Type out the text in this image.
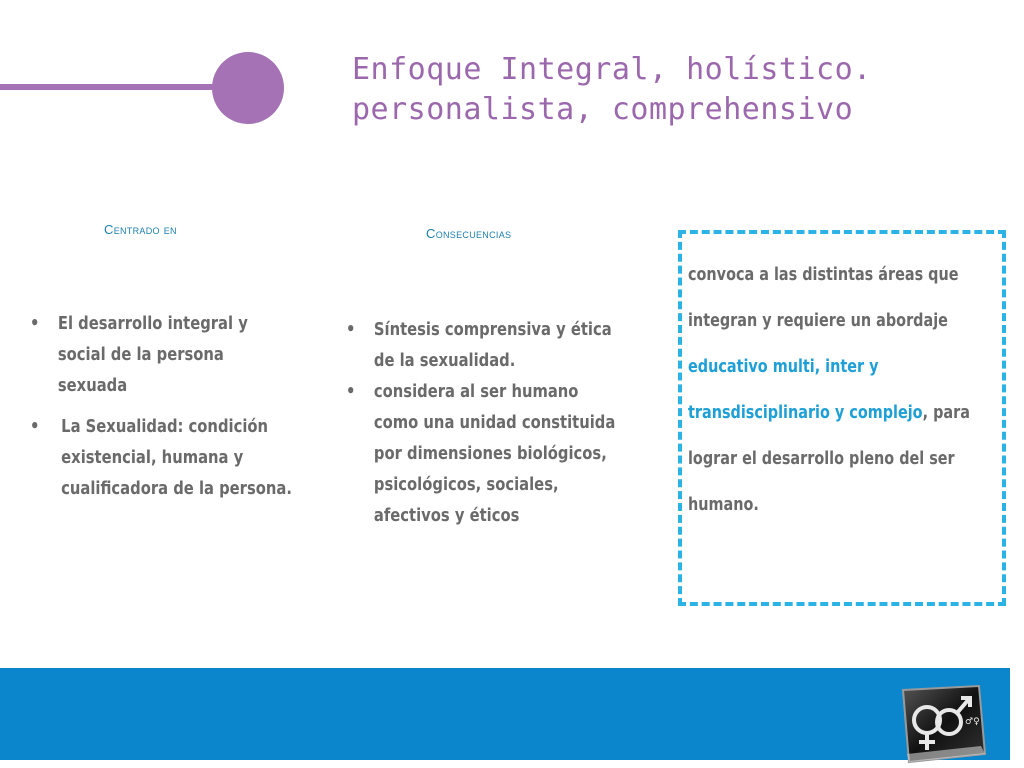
Enfoque Integral, holístico.
personalista, comprehensivo
Centrado en	Consecuencias
• El desarrollo integral y social de la persona sexuada
• La Sexualidad: condición existencial, humana y cualificadora de la persona.
• Síntesis comprensiva y ética de la sexualidad.
• considera al ser humano como una unidad constituida por dimensiones biológicos, psicológicos, sociales, afectivos y éticos
convoca a las distintas áreas que integran y requiere un abordaje educativo multi, inter y transdisciplinario y complejo, para lograr el desarrollo pleno del ser humano.
♂♀
